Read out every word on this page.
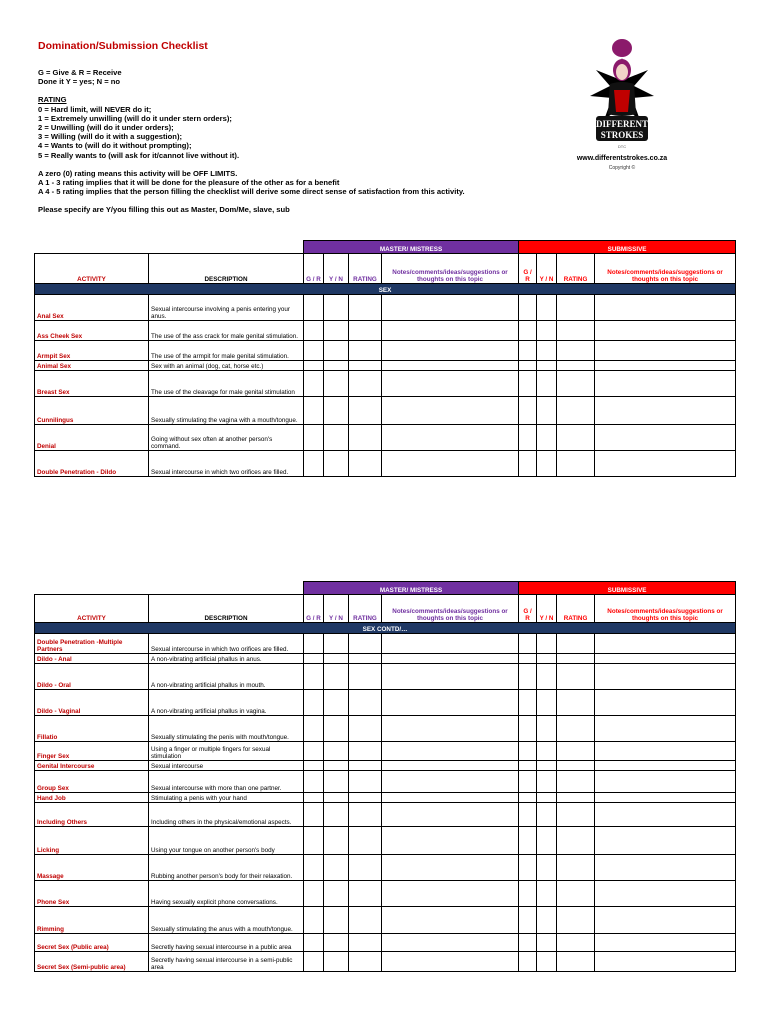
Domination/Submission Checklist
G = Give & R = Receive
Done it Y = yes; N = no
RATING
0 = Hard limit, will NEVER do it;
1 = Extremely unwilling (will do it under stern orders);
2 = Unwilling (will do it under orders);
3 = Willing (will do it with a suggestion);
4 = Wants to (will do it without prompting);
5 = Really wants to (will ask for it/cannot live without it).
A zero (0) rating means this activity will be OFF LIMITS.
A 1 - 3 rating implies that it will be done for the pleasure of the other as for a benefit
A 4 - 5 rating implies that the person filling the checklist will derive some direct sense of satisfaction from this activity.
Please specify are Y/you filling this out as Master, Dom/Me, slave, sub
DIFFERENT
STROKES
DTC
www.differentstrokes.co.za
Copyright ©
		MASTER/ MISTRESS				SUBMISSIVE			
ACTIVITY	DESCRIPTION	G / R	Y / N	RATING	Notes/comments/ideas/suggestions or thoughts on this topic	G / R	Y / N	RATING	Notes/comments/ideas/suggestions or thoughts on this topic
SEX									
Anal Sex	Sexual intercourse involving a penis entering your anus.								
Ass Cheek Sex	The use of the ass crack for male genital stimulation.								
Armpit Sex	The use of the armpit for male genital stimulation.								
Animal Sex	Sex with an animal (dog, cat, horse etc.)								
Breast Sex	The use of the cleavage for male genital stimulation								
Cunnilingus	Sexually stimulating the vagina with a mouth/tongue.								
Denial	Going without sex often at another person's command.								
Double Penetration - Dildo	Sexual intercourse in which two orifices are filled.								
		MASTER/ MISTRESS				SUBMISSIVE			
ACTIVITY	DESCRIPTION	G / R	Y / N	RATING	Notes/comments/ideas/suggestions or thoughts on this topic	G / R	Y / N	RATING	Notes/comments/ideas/suggestions or thoughts on this topic
SEX CONTD/…									
Double Penetration -Multiple Partners	Sexual intercourse in which two orifices are filled.								
Dildo - Anal	A non-vibrating artificial phallus in anus.								
Dildo - Oral	A non-vibrating artificial phallus in mouth.								
Dildo - Vaginal	A non-vibrating artificial phallus in vagina.								
Fillatio	Sexually stimulating the penis with mouth/tongue.								
Finger Sex	Using a finger or multiple fingers for sexual stimulation								
Genital Intercourse	Sexual intercourse								
Group Sex	Sexual intercourse with more than one partner.								
Hand Job	Stimulating a penis with your hand								
Including Others	Including others in the physical/emotional aspects.								
Licking	Using your tongue on another person's body								
Massage	Rubbing another person's body for their relaxation.								
Phone Sex	Having sexually explicit phone conversations.								
Rimming	Sexually stimulating the anus with a mouth/tongue.								
Secret Sex (Public area)	Secretly having sexual intercourse in a public area								
Secret Sex (Semi-public area)	Secretly having sexual intercourse in a semi-public area								
